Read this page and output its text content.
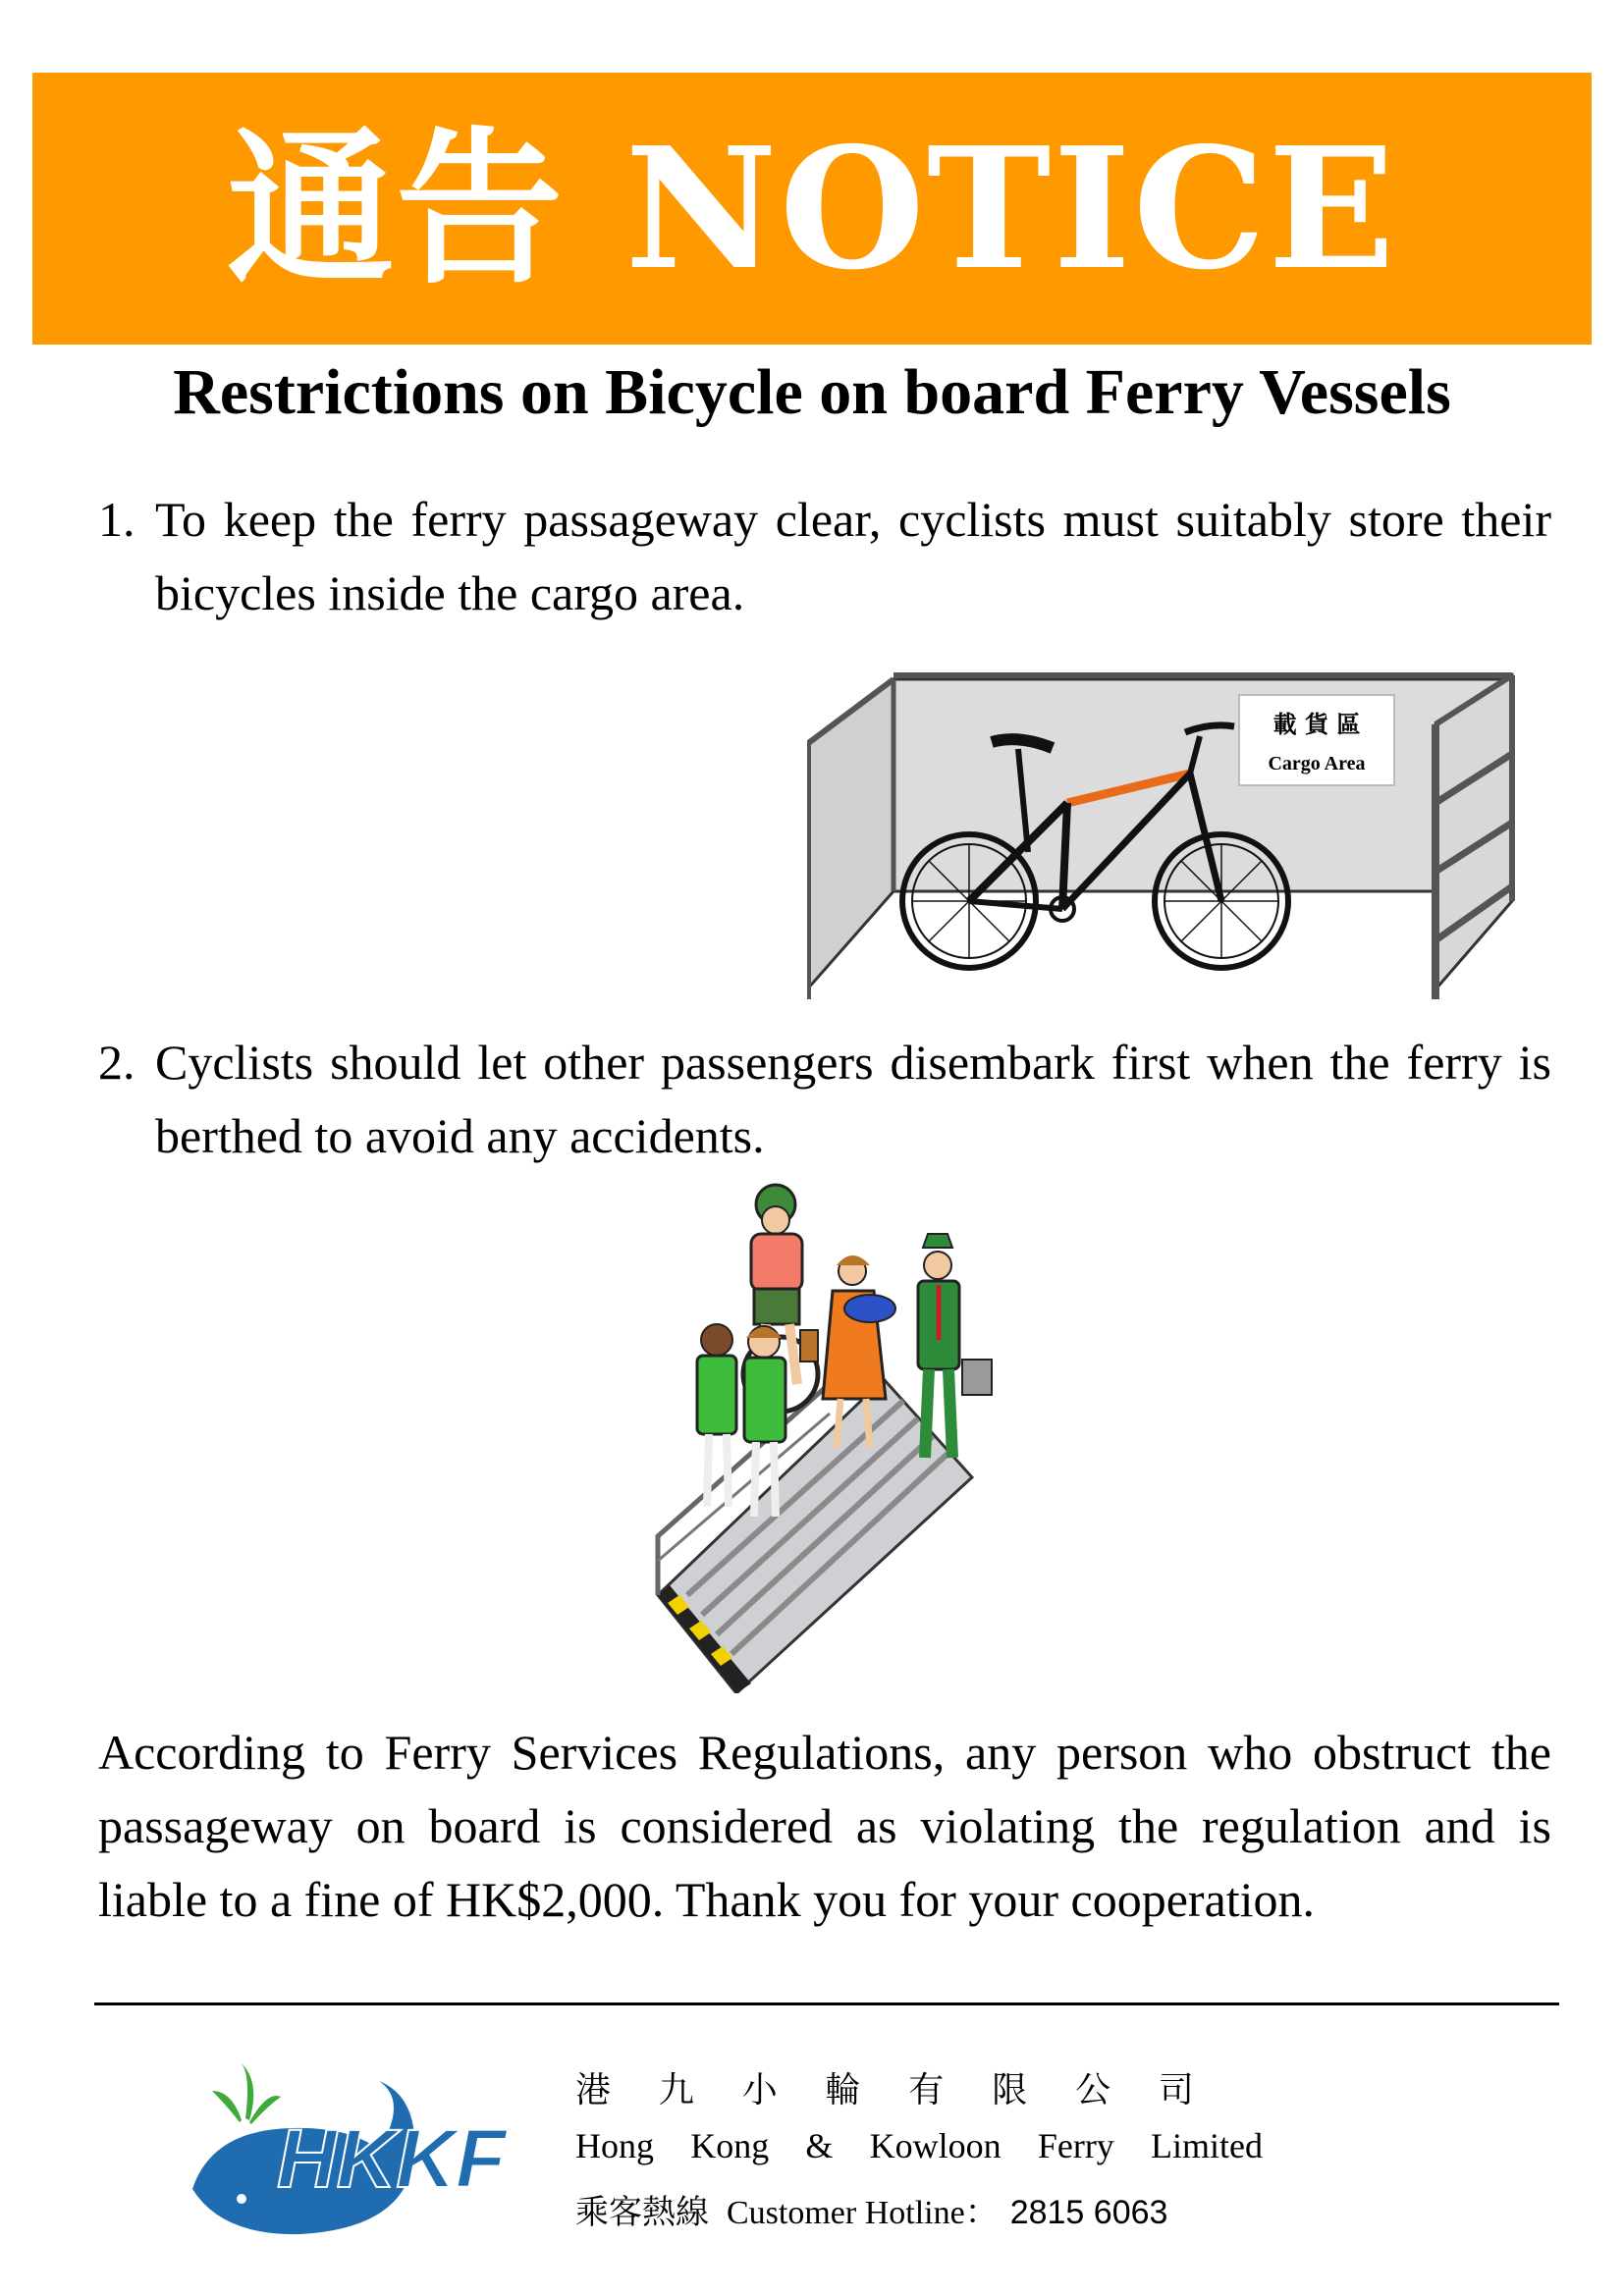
通告 NOTICE
Restrictions on Bicycle on board Ferry Vessels
1. To keep the ferry passageway clear, cyclists must suitably store their bicycles inside the cargo area.
載 貨 區
Cargo Area
2. Cyclists should let other passengers disembark first when the ferry is berthed to avoid any accidents.
According to Ferry Services Regulations, any person who obstruct the passageway on board is considered as violating the regulation and is liable to a fine of HK$2,000. Thank you for your cooperation.
HKKF
港 九 小 輪 有 限 公 司
Hong Kong & Kowloon Ferry Limited
乘客熱線 Customer Hotline： 2815 6063
